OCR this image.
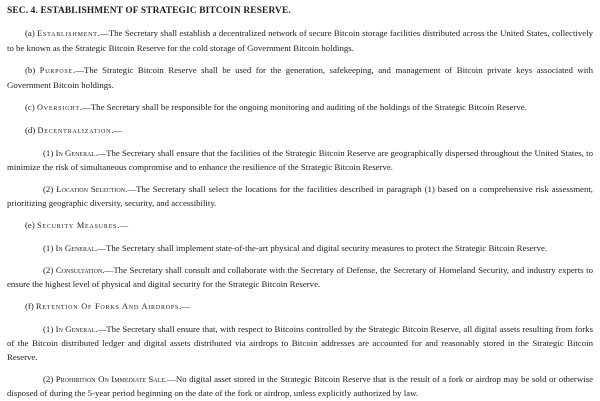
SEC. 4. ESTABLISHMENT OF STRATEGIC BITCOIN RESERVE.

(a) Establishment.—The Secretary shall establish a decentralized network of secure Bitcoin storage facilities distributed across the United States, collectively to be known as the Strategic Bitcoin Reserve for the cold storage of Government Bitcoin holdings.

(b) Purpose.—The Strategic Bitcoin Reserve shall be used for the generation, safekeeping, and management of Bitcoin private keys associated with Government Bitcoin holdings.

(c) Oversight.—The Secretary shall be responsible for the ongoing monitoring and auditing of the holdings of the Strategic Bitcoin Reserve.

(d) Decentralization.—

(1) In General.—The Secretary shall ensure that the facilities of the Strategic Bitcoin Reserve are geographically dispersed throughout the United States, to minimize the risk of simultaneous compromise and to enhance the resilience of the Strategic Bitcoin Reserve.

(2) Location Selection.—The Secretary shall select the locations for the facilities described in paragraph (1) based on a comprehensive risk assessment, prioritizing geographic diversity, security, and accessibility.

(e) Security Measures.—

(1) In General.—The Secretary shall implement state-of-the-art physical and digital security measures to protect the Strategic Bitcoin Reserve.

(2) Consultation.—The Secretary shall consult and collaborate with the Secretary of Defense, the Secretary of Homeland Security, and industry experts to ensure the highest level of physical and digital security for the Strategic Bitcoin Reserve.

(f) Retention Of Forks And Airdrops.—

(1) In General.—The Secretary shall ensure that, with respect to Bitcoins controlled by the Strategic Bitcoin Reserve, all digital assets resulting from forks of the Bitcoin distributed ledger and digital assets distributed via airdrops to Bitcoin addresses are accounted for and reasonably stored in the Strategic Bitcoin Reserve.

(2) Prohibition On Immediate Sale.—No digital asset stored in the Strategic Bitcoin Reserve that is the result of a fork or airdrop may be sold or otherwise disposed of during the 5-year period beginning on the date of the fork or airdrop, unless explicitly authorized by law.
